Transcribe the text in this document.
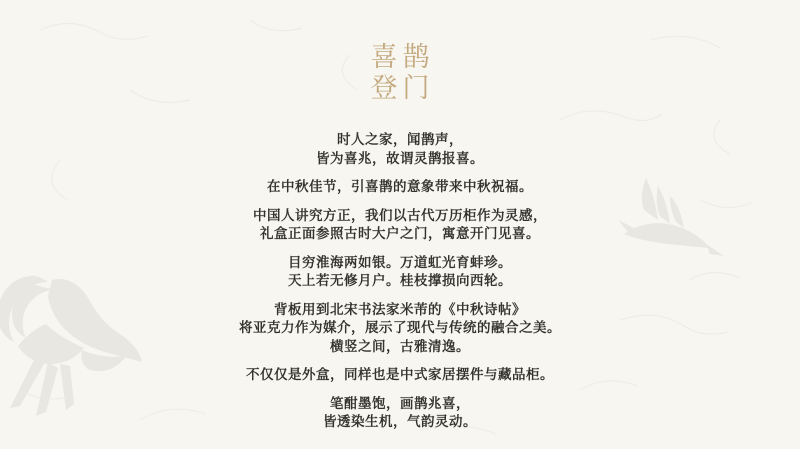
喜鹊
登门
时人之家，闻鹊声，
皆为喜兆，故谓灵鹊报喜。
在中秋佳节，引喜鹊的意象带来中秋祝福。
中国人讲究方正，我们以古代万历柜作为灵感，
礼盒正面参照古时大户之门，寓意开门见喜。
目穷淮海两如银。万道虹光育蚌珍。
天上若无修月户。桂枝撑损向西轮。
背板用到北宋书法家米芾的《中秋诗帖》
将亚克力作为媒介，展示了现代与传统的融合之美。
横竖之间，古雅清逸。
不仅仅是外盒，同样也是中式家居摆件与藏品柜。
笔酣墨饱，画鹊兆喜，
皆透染生机，气韵灵动。
